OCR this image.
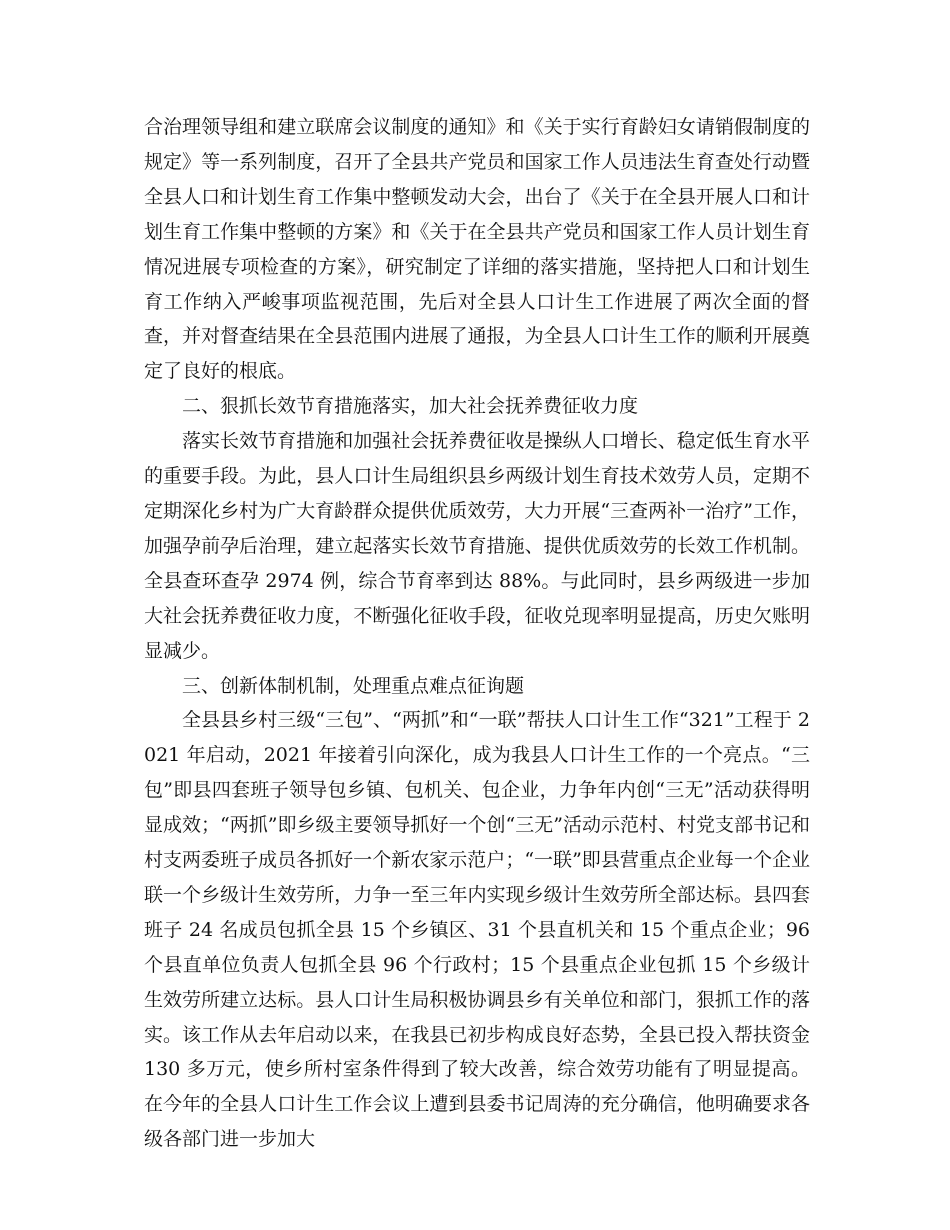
合治理领导组和建立联席会议制度的通知》和《关于实行育龄妇女请销假制度的规定》等一系列制度，召开了全县共产党员和国家工作人员违法生育查处行动暨全县人口和计划生育工作集中整顿发动大会，出台了《关于在全县开展人口和计划生育工作集中整顿的方案》和《关于在全县共产党员和国家工作人员计划生育情况进展专项检查的方案》，研究制定了详细的落实措施，坚持把人口和计划生育工作纳入严峻事项监视范围，先后对全县人口计生工作进展了两次全面的督查，并对督查结果在全县范围内进展了通报，为全县人口计生工作的顺利开展奠定了良好的根底。

二、狠抓长效节育措施落实，加大社会抚养费征收力度

落实长效节育措施和加强社会抚养费征收是操纵人口增长、稳定低生育水平的重要手段。为此，县人口计生局组织县乡两级计划生育技术效劳人员，定期不定期深化乡村为广大育龄群众提供优质效劳，大力开展“三查两补一治疗”工作，加强孕前孕后治理，建立起落实长效节育措施、提供优质效劳的长效工作机制。全县查环查孕 2974 例，综合节育率到达 88%。与此同时，县乡两级进一步加大社会抚养费征收力度，不断强化征收手段，征收兑现率明显提高，历史欠账明显减少。

三、创新体制机制，处理重点难点征询题

全县县乡村三级“三包”、“两抓”和“一联”帮扶人口计生工作“321”工程于 2021 年启动，2021 年接着引向深化，成为我县人口计生工作的一个亮点。“三包”即县四套班子领导包乡镇、包机关、包企业，力争年内创“三无”活动获得明显成效；“两抓”即乡级主要领导抓好一个创“三无”活动示范村、村党支部书记和村支两委班子成员各抓好一个新农家示范户；“一联”即县营重点企业每一个企业联一个乡级计生效劳所，力争一至三年内实现乡级计生效劳所全部达标。县四套班子 24 名成员包抓全县 15 个乡镇区、31 个县直机关和 15 个重点企业；96 个县直单位负责人包抓全县 96 个行政村；15 个县重点企业包抓 15 个乡级计生效劳所建立达标。县人口计生局积极协调县乡有关单位和部门，狠抓工作的落实。该工作从去年启动以来，在我县已初步构成良好态势，全县已投入帮扶资金 130 多万元，使乡所村室条件得到了较大改善，综合效劳功能有了明显提高。在今年的全县人口计生工作会议上遭到县委书记周涛的充分确信，他明确要求各级各部门进一步加大
